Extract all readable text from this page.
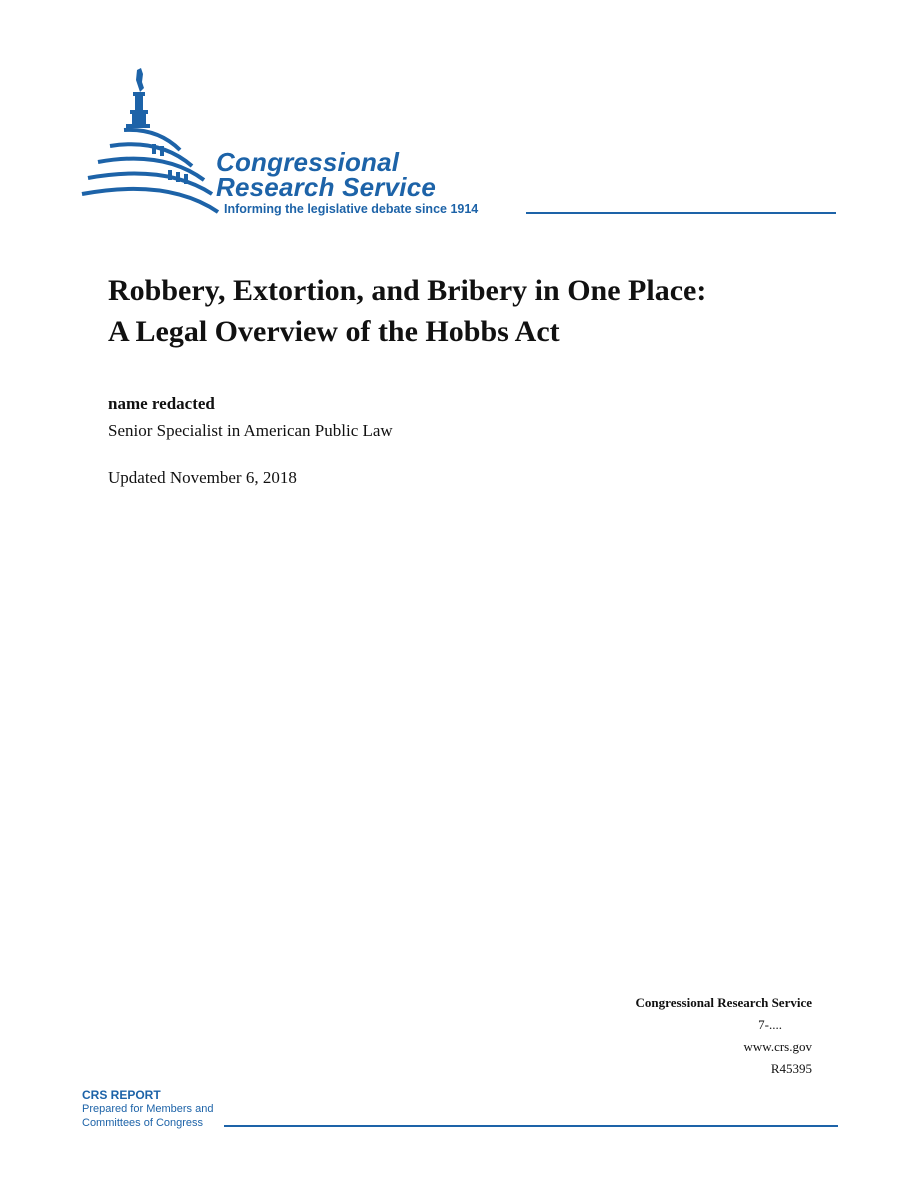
Congressional
Research Service
Informing the legislative debate since 1914
Robbery, Extortion, and Bribery in One Place:
A Legal Overview of the Hobbs Act
name redacted
Senior Specialist in American Public Law
Updated November 6, 2018
Congressional Research Service
7-....
www.crs.gov
R45395
CRS REPORT
Prepared for Members and
Committees of Congress
